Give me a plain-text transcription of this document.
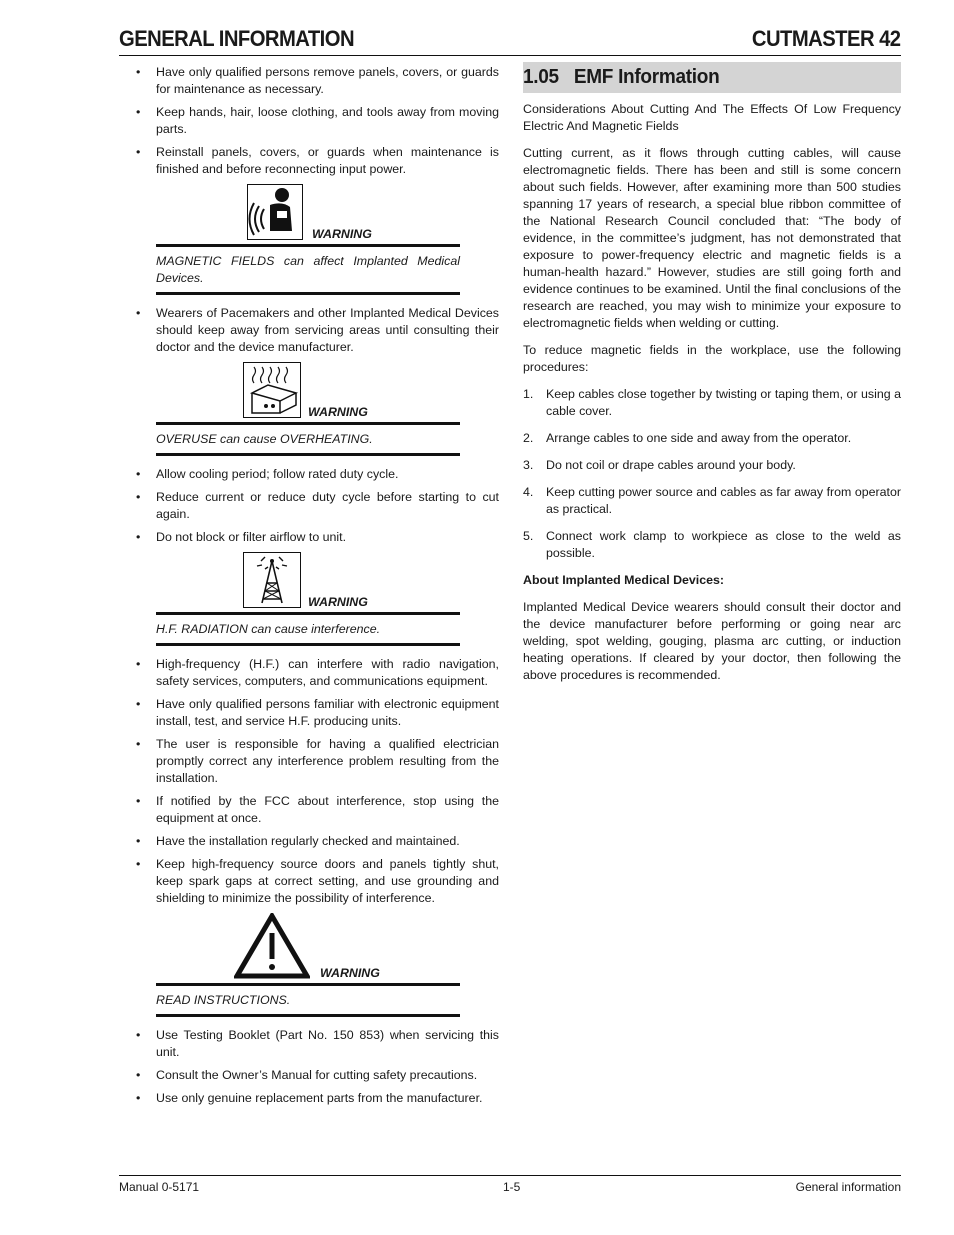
GENERAL INFORMATION	CUTMASTER 42
• Have only qualified persons remove panels, covers, or guards for maintenance as necessary.
• Keep hands, hair, loose clothing, and tools away from moving parts.
• Reinstall panels, covers, or guards when maintenance is finished and before reconnecting input power.
WARNING
MAGNETIC FIELDS can affect Implanted Medical Devices.
• Wearers of Pacemakers and other Implanted Medical Devices should keep away from servicing areas until consulting their doctor and the device manufacturer.
WARNING
OVERUSE can cause OVERHEATING.
• Allow cooling period; follow rated duty cycle.
• Reduce current or reduce duty cycle before starting to cut again.
• Do not block or filter airflow to unit.
WARNING
H.F. RADIATION can cause interference.
• High-frequency (H.F.) can interfere with radio navigation, safety services, computers, and communications equipment.
• Have only qualified persons familiar with electronic equipment install, test, and service H.F. producing units.
• The user is responsible for having a qualified electrician promptly correct any interference problem resulting from the installation.
• If notified by the FCC about interference, stop using the equipment at once.
• Have the installation regularly checked and maintained.
• Keep high-frequency source doors and panels tightly shut, keep spark gaps at correct setting, and use grounding and shielding to minimize the possibility of interference.
WARNING
READ INSTRUCTIONS.
• Use Testing Booklet (Part No. 150 853) when servicing this unit.
• Consult the Owner’s Manual for cutting safety precautions.
• Use only genuine replacement parts from the manufacturer.
1.05   EMF Information

Considerations About Cutting And The Effects Of Low Frequency Electric And Magnetic Fields

Cutting current, as it flows through cutting cables, will cause electromagnetic fields. There has been and still is some concern about such fields. However, after examining more than 500 studies spanning 17 years of research, a special blue ribbon committee of the National Research Council concluded that: “The body of evidence, in the committee’s judgment, has not demonstrated that exposure to power-frequency electric and magnetic fields is a human-health hazard.” However, studies are still going forth and evidence continues to be examined. Until the final conclusions of the research are reached, you may wish to minimize your exposure to electromagnetic fields when welding or cutting.

To reduce magnetic fields in the workplace, use the following procedures:

1. Keep cables close together by twisting or taping them, or using a cable cover.
2. Arrange cables to one side and away from the operator.
3. Do not coil or drape cables around your body.
4. Keep cutting power source and cables as far away from operator as practical.
5. Connect work clamp to workpiece as close to the weld as possible.
About Implanted Medical Devices:

Implanted Medical Device wearers should consult their doctor and the device manufacturer before performing or going near arc welding, spot welding, gouging, plasma arc cutting, or induction heating operations. If cleared by your doctor, then following the above procedures is recommended.

Manual 0-5171	1-5	General information
